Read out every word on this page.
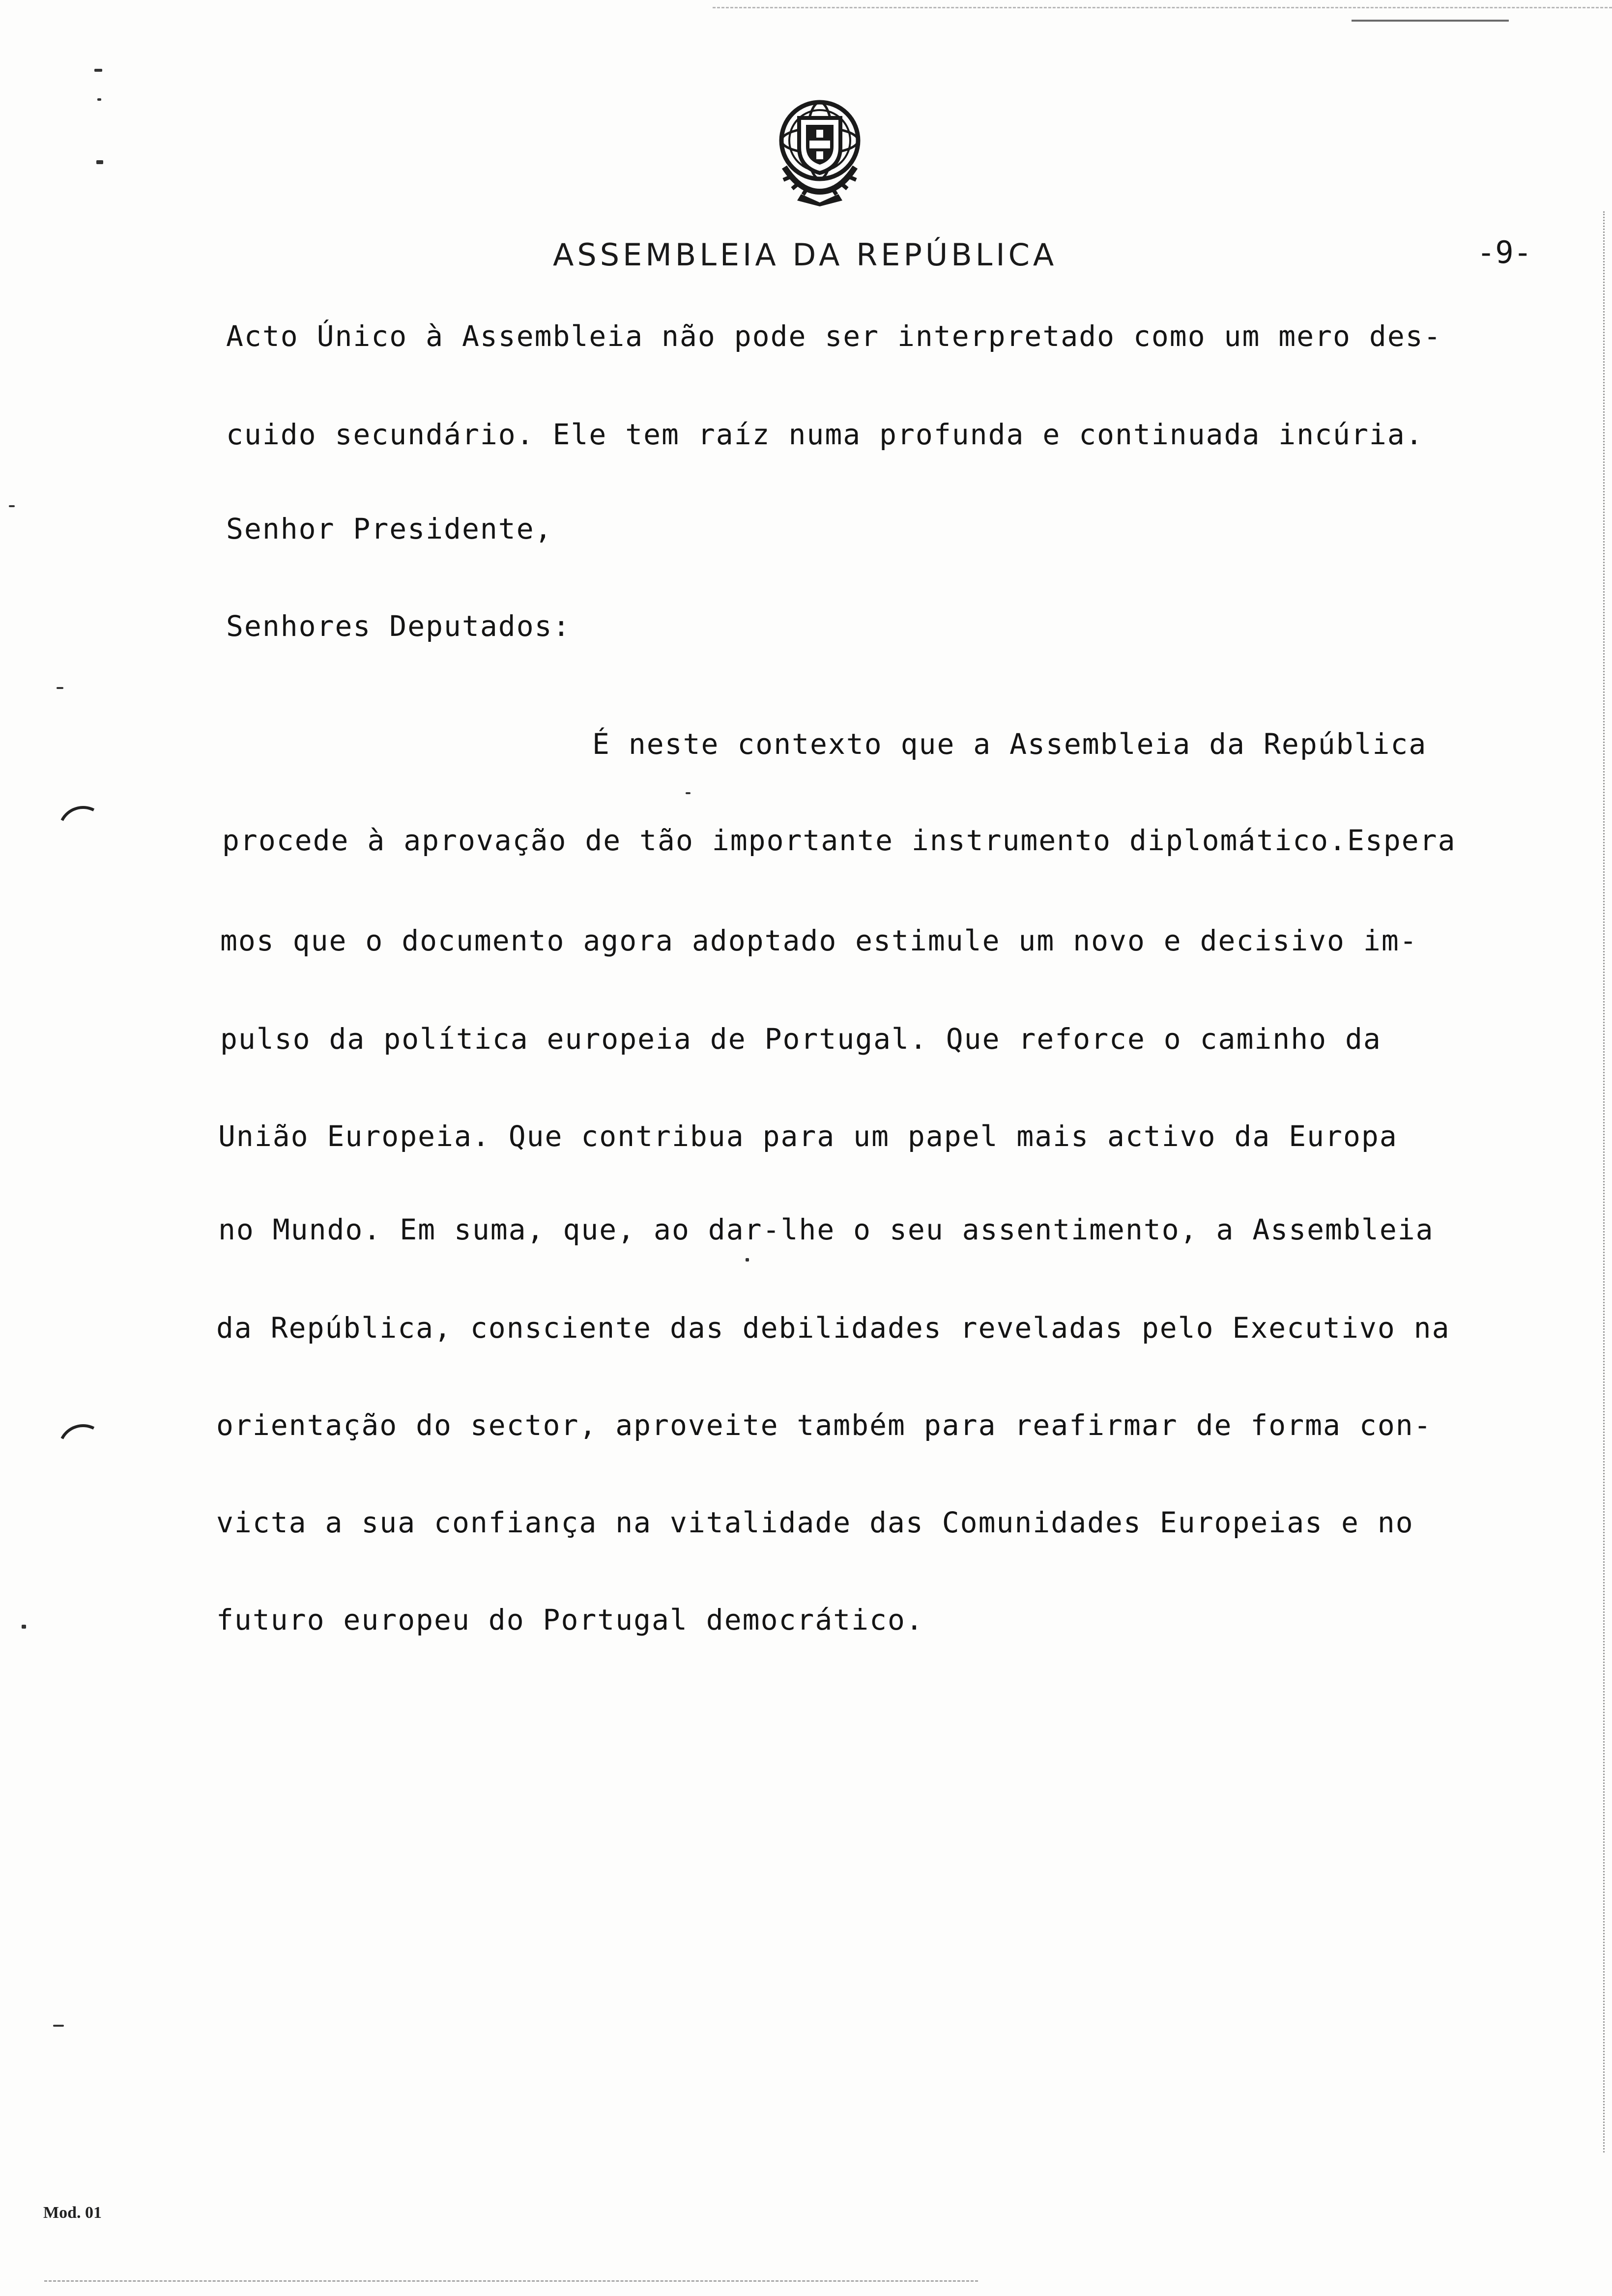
ASSEMBLEIA DA REPÚBLICA	-9-
Acto Único à Assembleia não pode ser interpretado como um mero des-
cuido secundário. Ele tem raíz numa profunda e continuada incúria.
Senhor Presidente,
Senhores Deputados:
É neste contexto que a Assembleia da República
procede à aprovação de tão importante instrumento diplomático.Espera
mos que o documento agora adoptado estimule um novo e decisivo im-
pulso da política europeia de Portugal. Que reforce o caminho da
União Europeia. Que contribua para um papel mais activo da Europa
no Mundo. Em suma, que, ao dar-lhe o seu assentimento, a Assembleia
da República, consciente das debilidades reveladas pelo Executivo na
orientação do sector, aproveite também para reafirmar de forma con-
victa a sua confiança na vitalidade das Comunidades Europeias e no
futuro europeu do Portugal democrático.
Mod. 01
